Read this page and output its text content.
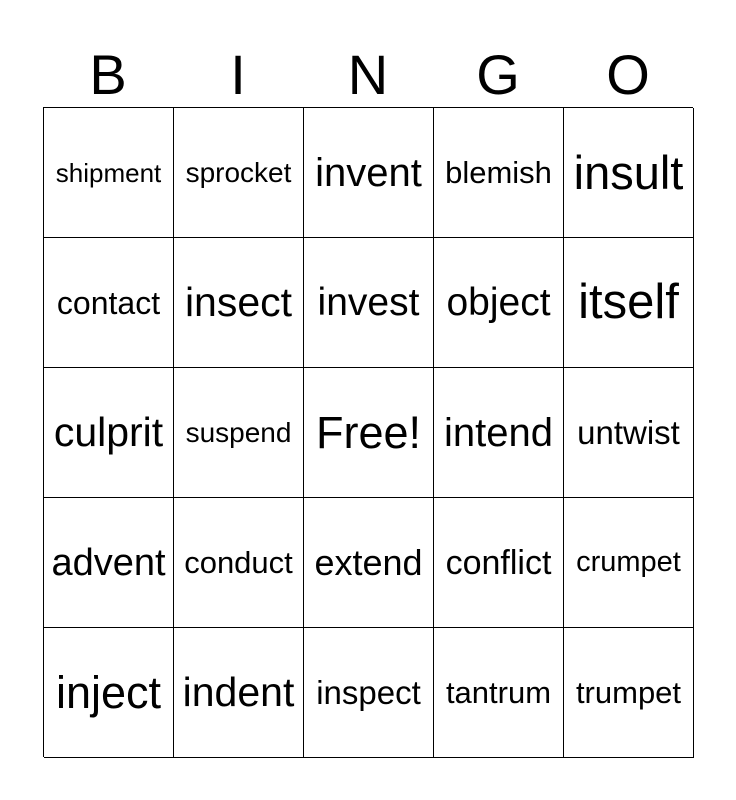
B	I	N	G	O
shipment sprocket invent blemish insult
contact insect invest object itself
culprit suspend Free! intend untwist
advent conduct extend conflict crumpet
inject indent inspect tantrum trumpet
